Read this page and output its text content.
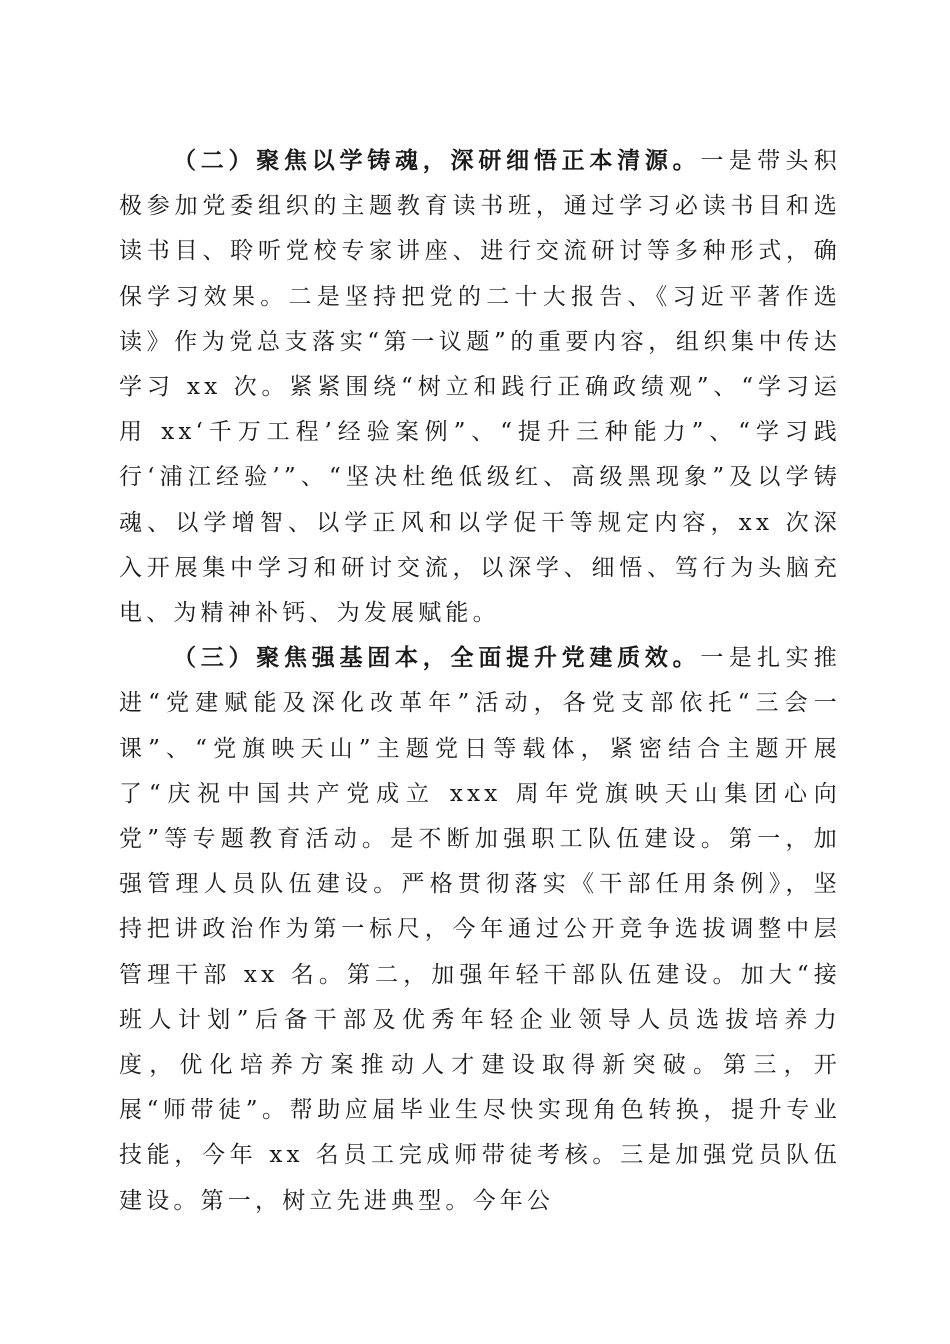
（二）聚焦以学铸魂，深研细悟正本清源。一是带头积极参加党委组织的主题教育读书班，通过学习必读书目和选读书目、聆听党校专家讲座、进行交流研讨等多种形式，确保学习效果。二是坚持把党的二十大报告、《习近平著作选读》作为党总支落实“第一议题”的重要内容，组织集中传达学习 xx 次。紧紧围绕“树立和践行正确政绩观”、“学习运用 xx‘千万工程’经验案例”、“提升三种能力”、“学习践行‘浦江经验’”、“坚决杜绝低级红、高级黑现象”及以学铸魂、以学增智、以学正风和以学促干等规定内容，xx 次深入开展集中学习和研讨交流，以深学、细悟、笃行为头脑充电、为精神补钙、为发展赋能。

（三）聚焦强基固本，全面提升党建质效。一是扎实推进“党建赋能及深化改革年”活动，各党支部依托“三会一课”、“党旗映天山”主题党日等载体，紧密结合主题开展了“庆祝中国共产党成立 xxx 周年党旗映天山集团心向党”等专题教育活动。是不断加强职工队伍建设。第一，加强管理人员队伍建设。严格贯彻落实《干部任用条例》，坚持把讲政治作为第一标尺，今年通过公开竞争选拔调整中层管理干部 xx 名。第二，加强年轻干部队伍建设。加大“接班人计划”后备干部及优秀年轻企业领导人员选拔培养力度，优化培养方案推动人才建设取得新突破。第三，开展“师带徒”。帮助应届毕业生尽快实现角色转换，提升专业技能，今年 xx 名员工完成师带徒考核。三是加强党员队伍建设。第一，树立先进典型。今年公
